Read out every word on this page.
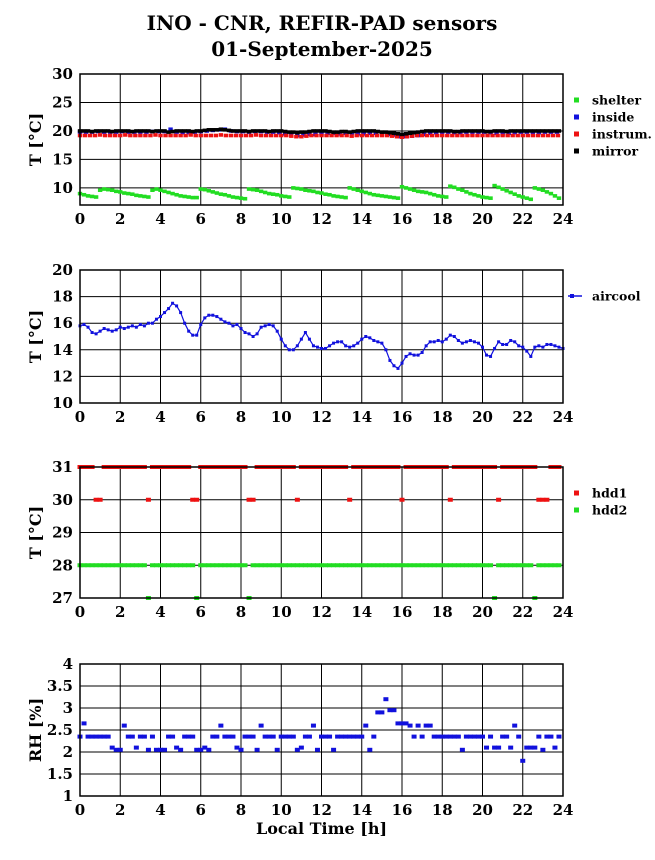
INO - CNR, REFIR-PAD sensors
01-September-2025
0 2 4 6 8 10 12 14 16 18 20 22 24
10
15
20
25
30
T [°C]
shelter
inside
instrum.
mirror
0 2 4 6 8 10 12 14 16 18 20 22 24
10
12
14
16
18
20
T [°C]
aircool
0 2 4 6 8 10 12 14 16 18 20 22 24
27
28
29
30
31
T [°C]
hdd1
hdd2
0 2 4 6 8 10 12 14 16 18 20 22 24
1
1.5
2
2.5
3
3.5
4
RH [%]
Local Time [h]
